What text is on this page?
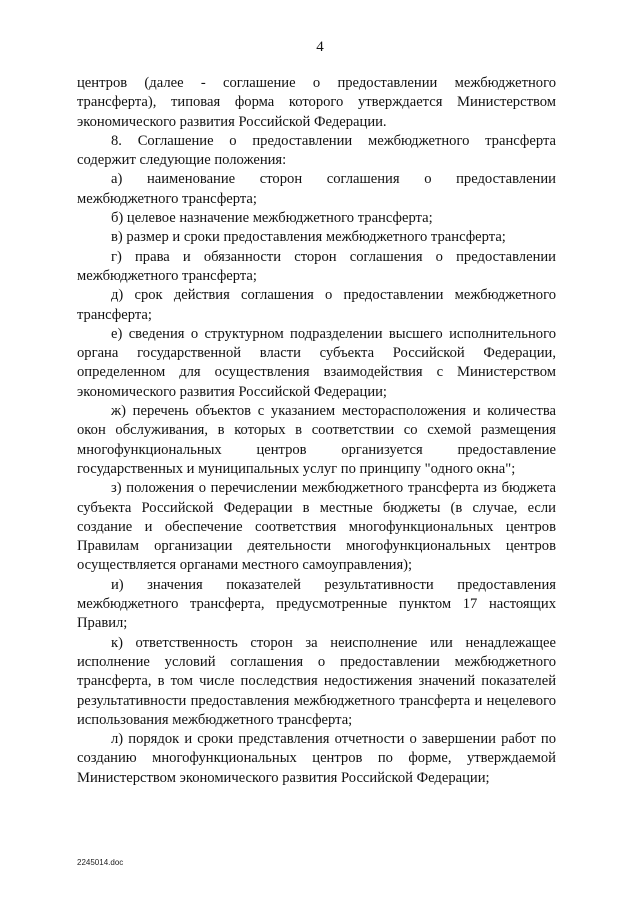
4

центров (далее - соглашение о предоставлении межбюджетного трансферта), типовая форма которого утверждается Министерством экономического развития Российской Федерации.

8. Соглашение о предоставлении межбюджетного трансферта содержит следующие положения:

а) наименование сторон соглашения о предоставлении межбюджетного трансферта;

б) целевое назначение межбюджетного трансферта;

в) размер и сроки предоставления межбюджетного трансферта;

г) права и обязанности сторон соглашения о предоставлении межбюджетного трансферта;

д) срок действия соглашения о предоставлении межбюджетного трансферта;

е) сведения о структурном подразделении высшего исполнительного органа государственной власти субъекта Российской Федерации, определенном для осуществления взаимодействия с Министерством экономического развития Российской Федерации;

ж) перечень объектов с указанием месторасположения и количества окон обслуживания, в которых в соответствии со схемой размещения многофункциональных центров организуется предоставление государственных и муниципальных услуг по принципу "одного окна";

з) положения о перечислении межбюджетного трансферта из бюджета субъекта Российской Федерации в местные бюджеты (в случае, если создание и обеспечение соответствия многофункциональных центров Правилам организации деятельности многофункциональных центров осуществляется органами местного самоуправления);

и) значения показателей результативности предоставления межбюджетного трансферта, предусмотренные пунктом 17 настоящих Правил;

к) ответственность сторон за неисполнение или ненадлежащее исполнение условий соглашения о предоставлении межбюджетного трансферта, в том числе последствия недостижения значений показателей результативности предоставления межбюджетного трансферта и нецелевого использования межбюджетного трансферта;

л) порядок и сроки представления отчетности о завершении работ по созданию многофункциональных центров по форме, утверждаемой Министерством экономического развития Российской Федерации;

2245014.doc
